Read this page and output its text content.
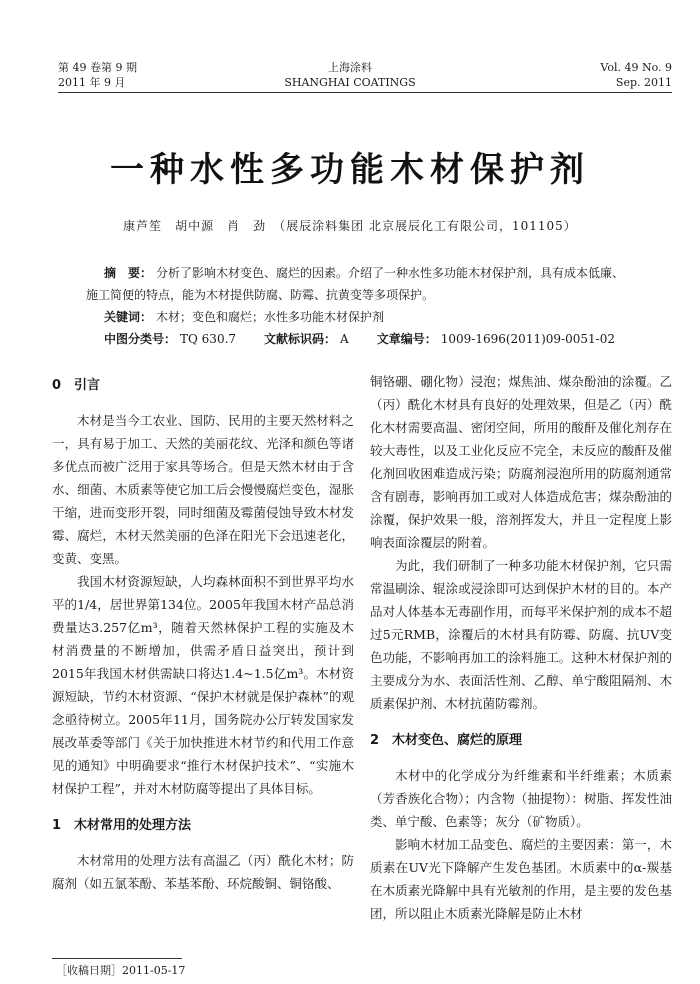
第 49 卷第 9 期
2011 年 9 月
上海涂料
SHANGHAI COATINGS
Vol. 49 No. 9
Sep. 2011
一种水性多功能木材保护剂
康芦笙　胡中源　肖　劲　（展辰涂料集团 北京展辰化工有限公司，101105）

摘　要： 分析了影响木材变色、腐烂的因素。介绍了一种水性多功能木材保护剂，具有成本低廉、

施工简便的特点，能为木材提供防腐、防霉、抗黄变等多项保护。

关键词： 木材；变色和腐烂；水性多功能木材保护剂

中图分类号： TQ 630.7 文献标识码： A 文章编号： 1009-1696(2011)09-0051-02

0　引言

木材是当今工农业、国防、民用的主要天然材料之一，具有易于加工、天然的美丽花纹、光泽和颜色等诸多优点而被广泛用于家具等场合。但是天然木材由于含水、细菌、木质素等使它加工后会慢慢腐烂变色，湿胀干缩，进而变形开裂，同时细菌及霉菌侵蚀导致木材发霉、腐烂，木材天然美丽的色泽在阳光下会迅速老化，变黄、变黑。

我国木材资源短缺，人均森林面积不到世界平均水平的1/4，居世界第134位。2005年我国木材产品总消费量达3.257亿m³，随着天然林保护工程的实施及木材消费量的不断增加，供需矛盾日益突出，预计到2015年我国木材供需缺口将达1.4~1.5亿m³。木材资源短缺，节约木材资源、“保护木材就是保护森林”的观念亟待树立。2005年11月，国务院办公厅转发国家发展改革委等部门《关于加快推进木材节约和代用工作意见的通知》中明确要求“推行木材保护技术”、“实施木材保护工程”，并对木材防腐等提出了具体目标。

1　木材常用的处理方法

木材常用的处理方法有高温乙（丙）酰化木材；防腐剂（如五氯苯酚、苯基苯酚、环烷酸铜、铜铬酸、

铜铬硼、硼化物）浸泡；煤焦油、煤杂酚油的涂覆。乙（丙）酰化木材具有良好的处理效果，但是乙（丙）酰化木材需要高温、密闭空间，所用的酸酐及催化剂存在较大毒性，以及工业化反应不完全，未反应的酸酐及催化剂回收困难造成污染；防腐剂浸泡所用的防腐剂通常含有剧毒，影响再加工或对人体造成危害；煤杂酚油的涂覆，保护效果一般，溶剂挥发大，并且一定程度上影响表面涂覆层的附着。

为此，我们研制了一种多功能木材保护剂，它只需常温刷涂、辊涂或浸涂即可达到保护木材的目的。本产品对人体基本无毒副作用，而每平米保护剂的成本不超过5元RMB，涂覆后的木材具有防霉、防腐、抗UV变色功能，不影响再加工的涂料施工。这种木材保护剂的主要成分为水、表面活性剂、乙醇、单宁酸阻隔剂、木质素保护剂、木材抗菌防霉剂。

2　木材变色、腐烂的原理

木材中的化学成分为纤维素和半纤维素；木质素（芳香族化合物）；内含物（抽提物）：树脂、挥发性油类、单宁酸、色素等；灰分（矿物质）。

影响木材加工品变色、腐烂的主要因素：第一，木质素在UV光下降解产生发色基团。木质素中的α-羰基在木质素光降解中具有光敏剂的作用，是主要的发色基团，所以阻止木质素光降解是防止木材

［收稿日期］2011-05-17
